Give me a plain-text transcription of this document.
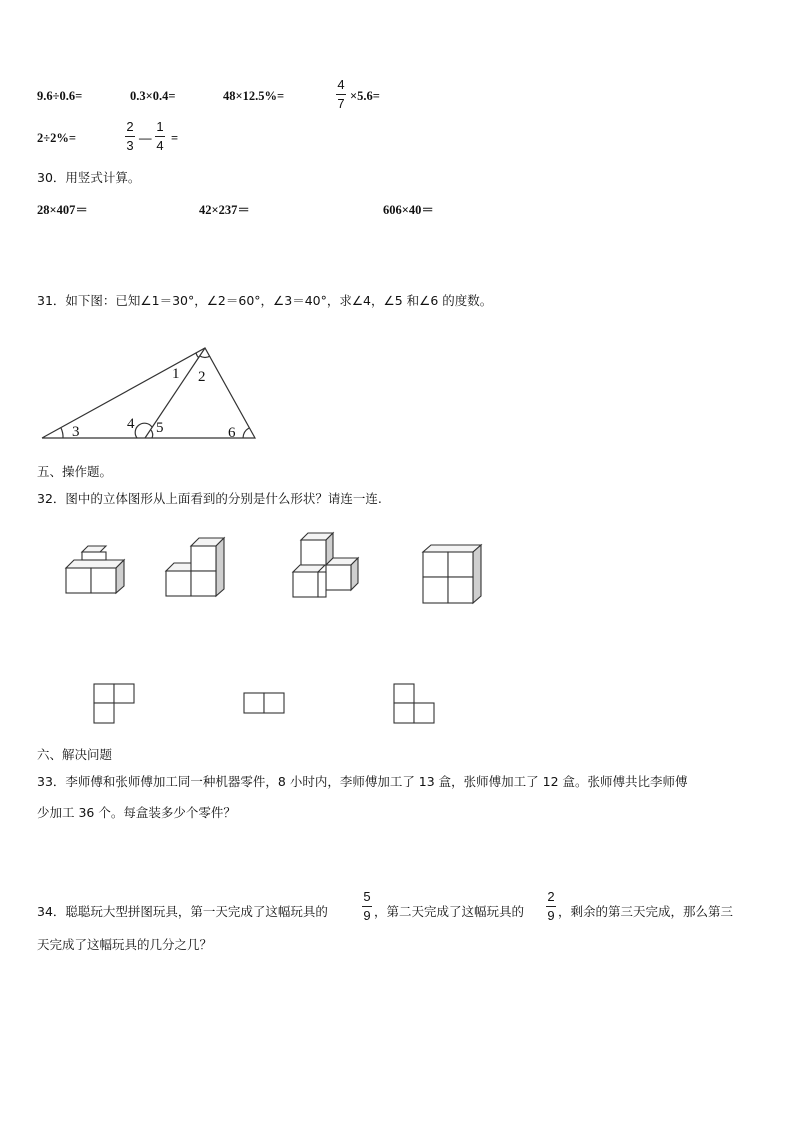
9.6÷0.6=	0.3×0.4=	48×12.5%=
4
7 ×5.6=
2÷2%=
2
3 —
1
4 =
30．用竖式计算。
28×407＝	42×237＝	606×40＝
31．如下图：已知∠1＝30°，∠2＝60°，∠3＝40°，求∠4，∠5 和∠6 的度数。
1 2
3	4 5	6
五、操作题。
32．图中的立体图形从上面看到的分别是什么形状？请连一连.
六、解决问题
33．李师傅和张师傅加工同一种机器零件，8 小时内，李师傅加工了 13 盒，张师傅加工了 12 盒。张师傅共比李师傅
少加工 36 个。每盒装多少个零件？
34．聪聪玩大型拼图玩具，第一天完成了这幅玩具的
5
9 ，第二天完成了这幅玩具的
2
9 ，剩余的第三天完成，那么第三
天完成了这幅玩具的几分之几？
